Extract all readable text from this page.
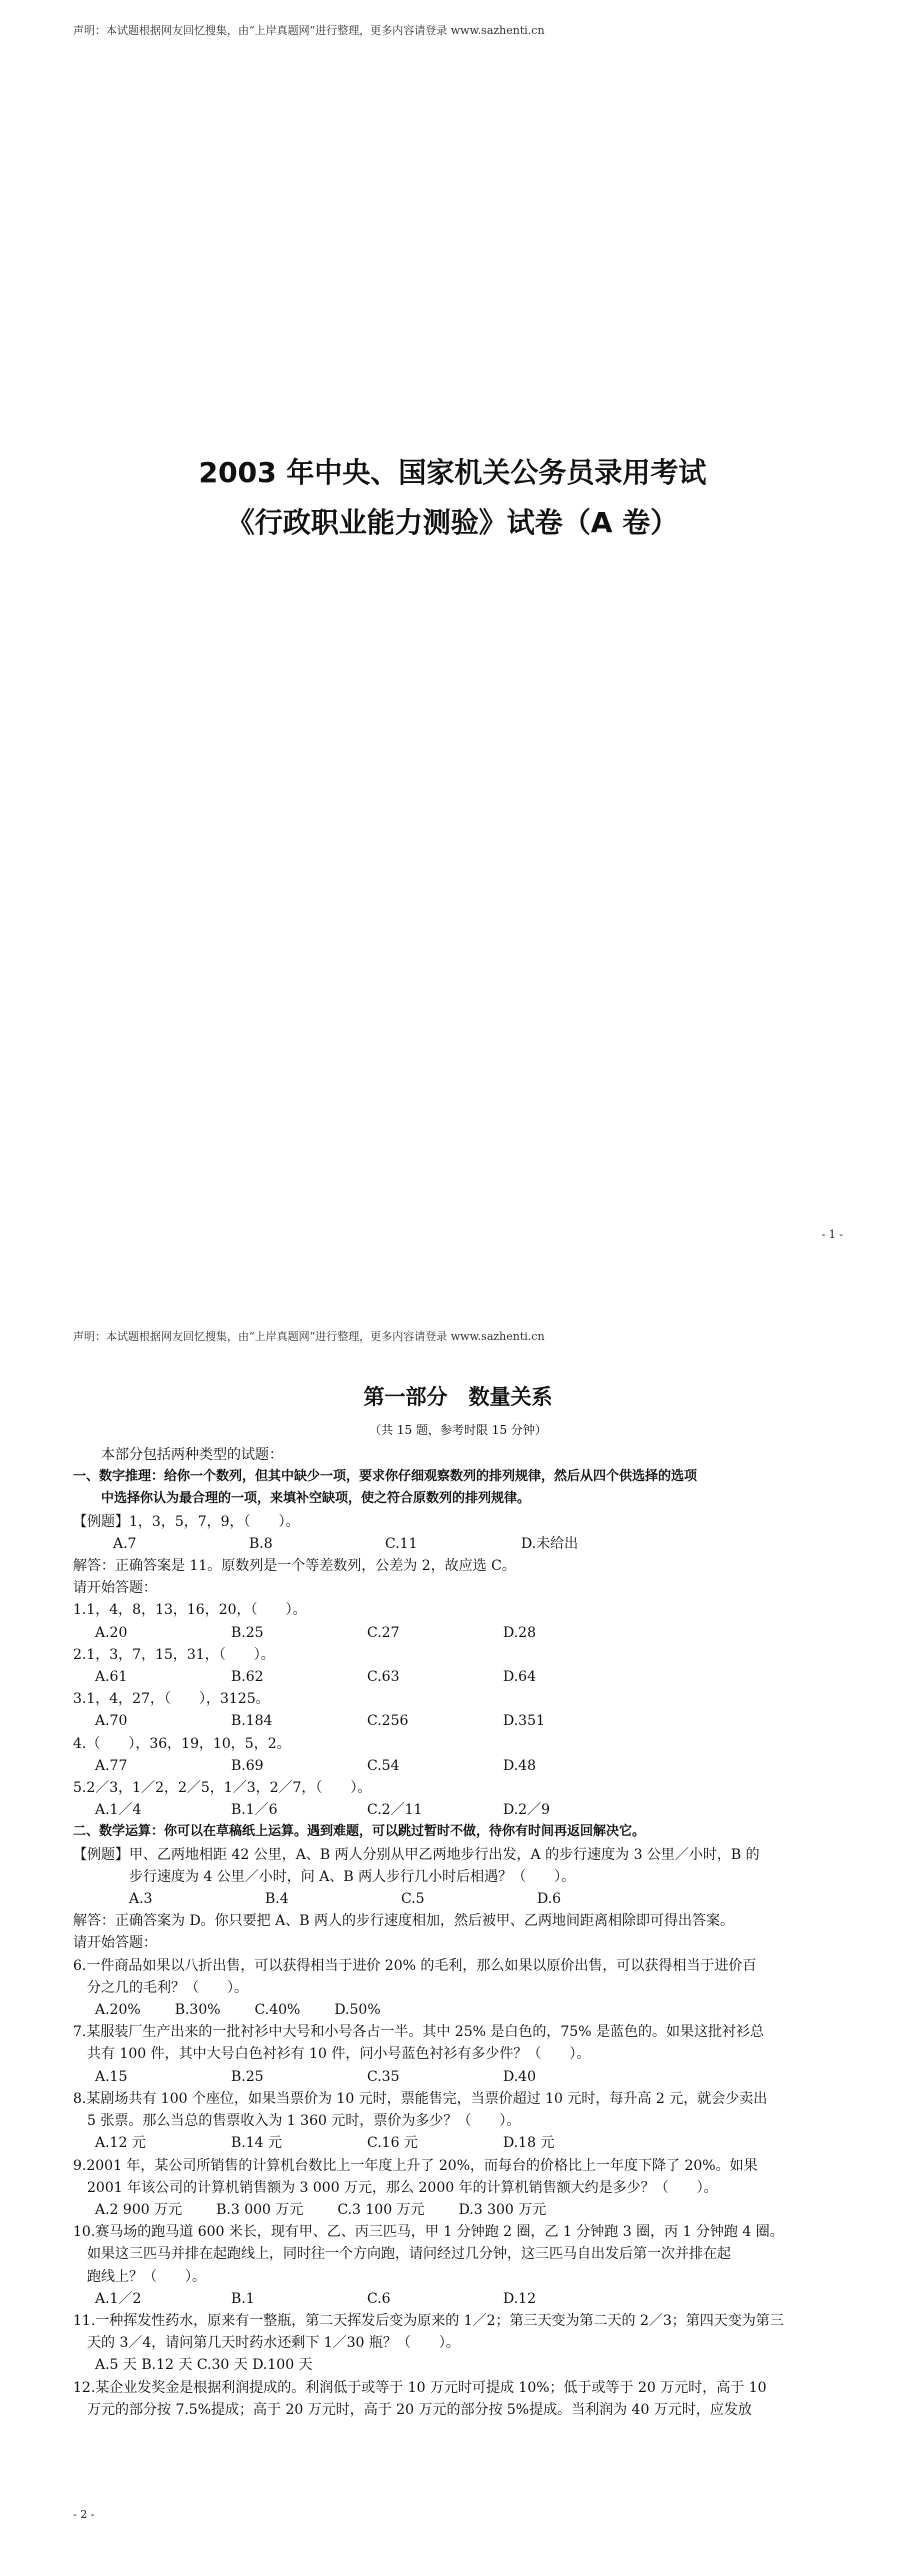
声明：本试题根据网友回忆搜集，由“上岸真题网”进行整理，更多内容请登录 www.sazhenti.cn
2003 年中央、国家机关公务员录用考试
《行政职业能力测验》试卷（A 卷）
- 1 -
声明：本试题根据网友回忆搜集，由“上岸真题网”进行整理，更多内容请登录 www.sazhenti.cn
第一部分　数量关系
（共 15 题，参考时限 15 分钟）
本部分包括两种类型的试题：
一、数字推理：给你一个数列，但其中缺少一项，要求你仔细观察数列的排列规律，然后从四个供选择的选项
中选择你认为最合理的一项，来填补空缺项，使之符合原数列的排列规律。
【例题】1，3，5，7，9，（　　）。
A.7	B.8	C.11	D.未给出
解答：正确答案是 11。原数列是一个等差数列，公差为 2，故应选 C。
请开始答题：
1.1，4，8，13，16，20，（　　）。
A.20	B.25	C.27	D.28
2.1，3，7，15，31，（　　）。
A.61	B.62	C.63	D.64
3.1，4，27，（　　），3125。
A.70	B.184	C.256	D.351
4.（　　），36，19，10，5，2。
A.77	B.69	C.54	D.48
5.2／3，1／2，2／5，1／3，2／7，（　　）。
A.1／4	B.1／6	C.2／11	D.2／9
二、数学运算：你可以在草稿纸上运算。遇到难题，可以跳过暂时不做，待你有时间再返回解决它。
【例题】甲、乙两地相距 42 公里，A、B 两人分别从甲乙两地步行出发，A 的步行速度为 3 公里／小时，B 的
步行速度为 4 公里／小时，问 A、B 两人步行几小时后相遇？（　　）。
A.3	B.4	C.5	D.6
解答：正确答案为 D。你只要把 A、B 两人的步行速度相加，然后被甲、乙两地间距离相除即可得出答案。
请开始答题：
6.一件商品如果以八折出售，可以获得相当于进价 20% 的毛利，那么如果以原价出售，可以获得相当于进价百
分之几的毛利？（　　）。
A.20% B.30% C.40% D.50%
7.某服装厂生产出来的一批衬衫中大号和小号各占一半。其中 25% 是白色的，75% 是蓝色的。如果这批衬衫总
共有 100 件，其中大号白色衬衫有 10 件，问小号蓝色衬衫有多少件？（　　）。
A.15	B.25	C.35	D.40
8.某剧场共有 100 个座位，如果当票价为 10 元时，票能售完，当票价超过 10 元时，每升高 2 元，就会少卖出
5 张票。那么当总的售票收入为 1 360 元时，票价为多少？（　　）。
A.12 元	B.14 元	C.16 元	D.18 元
9.2001 年，某公司所销售的计算机台数比上一年度上升了 20%，而每台的价格比上一年度下降了 20%。如果
2001 年该公司的计算机销售额为 3 000 万元，那么 2000 年的计算机销售额大约是多少？（　　）。
A.2 900 万元 B.3 000 万元 C.3 100 万元 D.3 300 万元
10.赛马场的跑马道 600 米长，现有甲、乙、丙三匹马，甲 1 分钟跑 2 圈，乙 1 分钟跑 3 圈，丙 1 分钟跑 4 圈。
如果这三匹马并排在起跑线上，同时往一个方向跑，请问经过几分钟，这三匹马自出发后第一次并排在起
跑线上？（　　）。
A.1／2	B.1	C.6	D.12
11.一种挥发性药水，原来有一整瓶，第二天挥发后变为原来的 1／2；第三天变为第二天的 2／3；第四天变为第三
天的 3／4，请问第几天时药水还剩下 1／30 瓶？（　　）。
A.5 天 B.12 天 C.30 天 D.100 天
12.某企业发奖金是根据利润提成的。利润低于或等于 10 万元时可提成 10%；低于或等于 20 万元时，高于 10
万元的部分按 7.5%提成；高于 20 万元时，高于 20 万元的部分按 5%提成。当利润为 40 万元时，应发放
- 2 -
